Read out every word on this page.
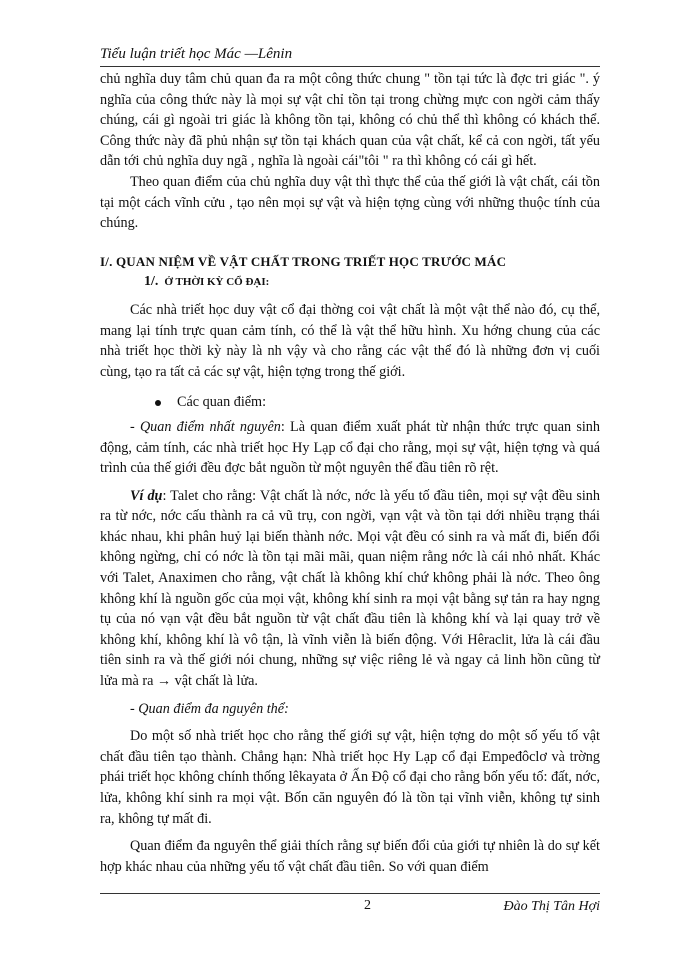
Tiểu luận triết học Mác —Lênin

chủ nghĩa duy tâm chủ quan đa ra một công thức chung " tồn tại tức là đợc tri giác ". ý nghĩa của công thức này là mọi sự vật chỉ tồn tại trong chừng mực con ngời cảm thấy chúng, cái gì ngoài tri giác là không tồn tại, không có chủ thể thì không có khách thể. Công thức này đã phủ nhận sự tồn tại khách quan của vật chất, kể cả con ngời, tất yếu dẫn tới chủ nghĩa duy ngã , nghĩa là ngoài cái"tôi " ra thì không có cái gì hết.

Theo quan điểm của chủ nghĩa duy vật thì thực thể của thế giới là vật chất, cái tồn tại một cách vĩnh cửu , tạo nên mọi sự vật và hiện tợng cùng với những thuộc tính của chúng.

I/. QUAN NIỆM VỀ VẬT CHẤT TRONG TRIẾT HỌC TRƯỚC MÁC

1/. Ở THỜI KỲ CỔ ĐẠI:

Các nhà triết học duy vật cổ đại thờng coi vật chất là một vật thể nào đó, cụ thể, mang lại tính trực quan cảm tính, có thể là vật thể hữu hình. Xu hớng chung của các nhà triết học thời kỳ này là nh vậy và cho rằng các vật thể đó là những đơn vị cuối cùng, tạo ra tất cả các sự vật, hiện tợng trong thế giới.

Các quan điểm:

- Quan điểm nhất nguyên: Là quan điểm xuất phát từ nhận thức trực quan sinh động, cảm tính, các nhà triết học Hy Lạp cổ đại cho rằng, mọi sự vật, hiện tợng và quá trình của thế giới đều đợc bắt nguồn từ một nguyên thể đầu tiên rõ rệt.

Ví dụ: Talet cho rằng: Vật chất là nớc, nớc là yếu tố đầu tiên, mọi sự vật đều sinh ra từ nớc, nớc cấu thành ra cả vũ trụ, con ngời, vạn vật và tồn tại dới nhiều trạng thái khác nhau, khi phân huỷ lại biến thành nớc. Mọi vật đều có sinh ra và mất đi, biến đổi không ngừng, chỉ có nớc là tồn tại mãi mãi, quan niệm rằng nớc là cái nhỏ nhất. Khác với Talet, Anaximen cho rằng, vật chất là không khí chứ không phải là nớc. Theo ông không khí là nguồn gốc của mọi vật, không khí sinh ra mọi vật bằng sự tản ra hay ngng tụ của nó vạn vật đều bắt nguồn từ vật chất đầu tiên là không khí và lại quay trở về không khí, không khí là vô tận, là vĩnh viễn là biến động. Với Hêraclit, lửa là cái đầu tiên sinh ra và thế giới nói chung, những sự việc riêng lẻ và ngay cả linh hồn cũng từ lửa mà ra → vật chất là lửa.

- Quan điểm đa nguyên thể:

Do một số nhà triết học cho rằng thế giới sự vật, hiện tợng do một số yếu tố vật chất đầu tiên tạo thành. Chẳng hạn: Nhà triết học Hy Lạp cổ đại Empeđôclơ và trờng phái triết học không chính thống lêkayata ở Ấn Độ cổ đại cho rằng bốn yếu tố: đất, nớc, lửa, không khí sinh ra mọi vật. Bốn căn nguyên đó là tồn tại vĩnh viễn, không tự sinh ra, không tự mất đi.

Quan điểm đa nguyên thể giải thích rằng sự biến đổi của giới tự nhiên là do sự kết hợp khác nhau của những yếu tố vật chất đầu tiên. So với quan điểm

2	Đào Thị Tân Hợi
